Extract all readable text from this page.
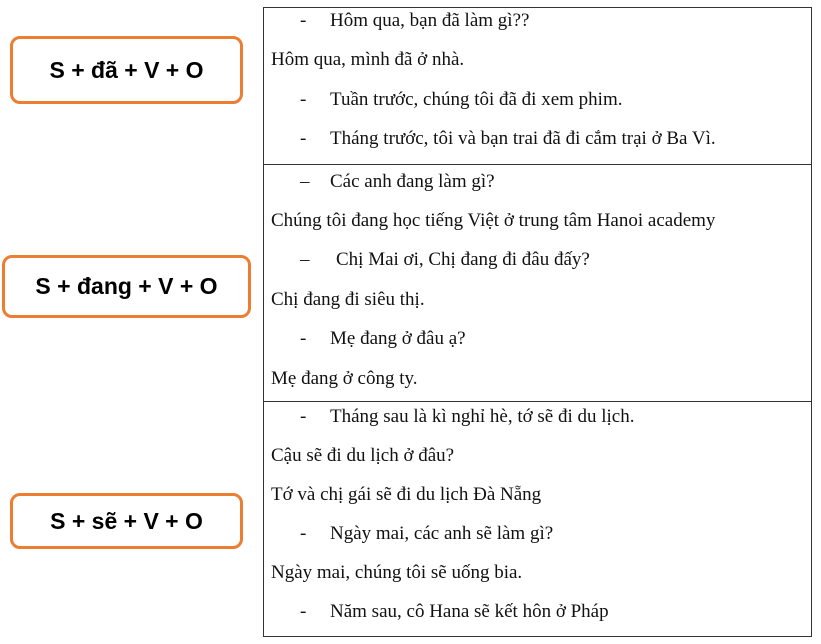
S + đã + V + O
S + đang + V + O
S + sẽ + V + O
- Hôm qua, bạn đã làm gì??
Hôm qua, mình đã ở nhà.
- Tuần trước, chúng tôi đã đi xem phim.
- Tháng trước, tôi và bạn trai đã đi cắm trại ở Ba Vì.
– Các anh đang làm gì?
Chúng tôi đang học tiếng Việt ở trung tâm Hanoi academy
– Chị Mai ơi, Chị đang đi đâu đấy?
Chị đang đi siêu thị.
- Mẹ đang ở đâu ạ?
Mẹ đang ở công ty.
- Tháng sau là kì nghỉ hè, tớ sẽ đi du lịch.
Cậu sẽ đi du lịch ở đâu?
Tớ và chị gái sẽ đi du lịch Đà Nẵng
- Ngày mai, các anh sẽ làm gì?
Ngày mai, chúng tôi sẽ uống bia.
- Năm sau, cô Hana sẽ kết hôn ở Pháp
